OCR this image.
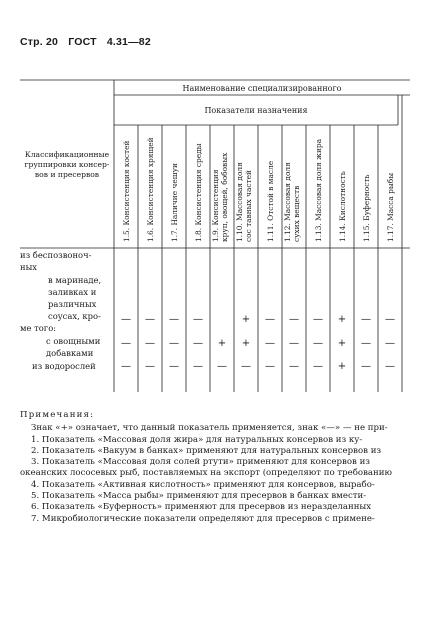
Стр. 20 ГОСТ 4.31—82
Наименование специализированного
Показатели назначения
Классификационные
группировки консер-
вов и пресервов	1.5. Консистенция костей 1.6. Консистенция хрящей 1.7. Наличие чешуи 1.8. Консистенция среды 1.9. Консистенция круп, овощей, бобовых 1.10. Массовая доля сос тавных частей 1.11. Отстой в масле 1.12. Массовая доля сухих веществ 1.13. Массовая доля жира 1.14. Кислотность 1.15. Буферность 1.17. Масса рыбы
из беспозвоноч-
ных
в маринаде,
заливках и
различных
соусах, кро-
ме того:
с овощными
добавками
из водорослей
— — — —	+ — — — + — —
— — — — + + — — — + — —
— — — — — — — — — + — —
Примечания:
Знак «+» означает, что данный показатель применяется, знак «—» — не при-
1. Показатель «Массовая доля жира» для натуральных консервов из ку-
2. Показатель «Вакуум в банках» применяют для натуральных консервов из
3. Показатель «Массовая доля солей ртути» применяют для консервов из
океанских лососевых рыб, поставляемых на экспорт (определяют по требованию
4. Показатель «Активная кислотность» применяют для консервов, вырабо-
5. Показатель «Масса рыбы» применяют для пресервов в банках вмести-
6. Показатель «Буферность» применяют для пресервов из неразделанных
7. Микробиологические показатели определяют для пресервов с примене-
